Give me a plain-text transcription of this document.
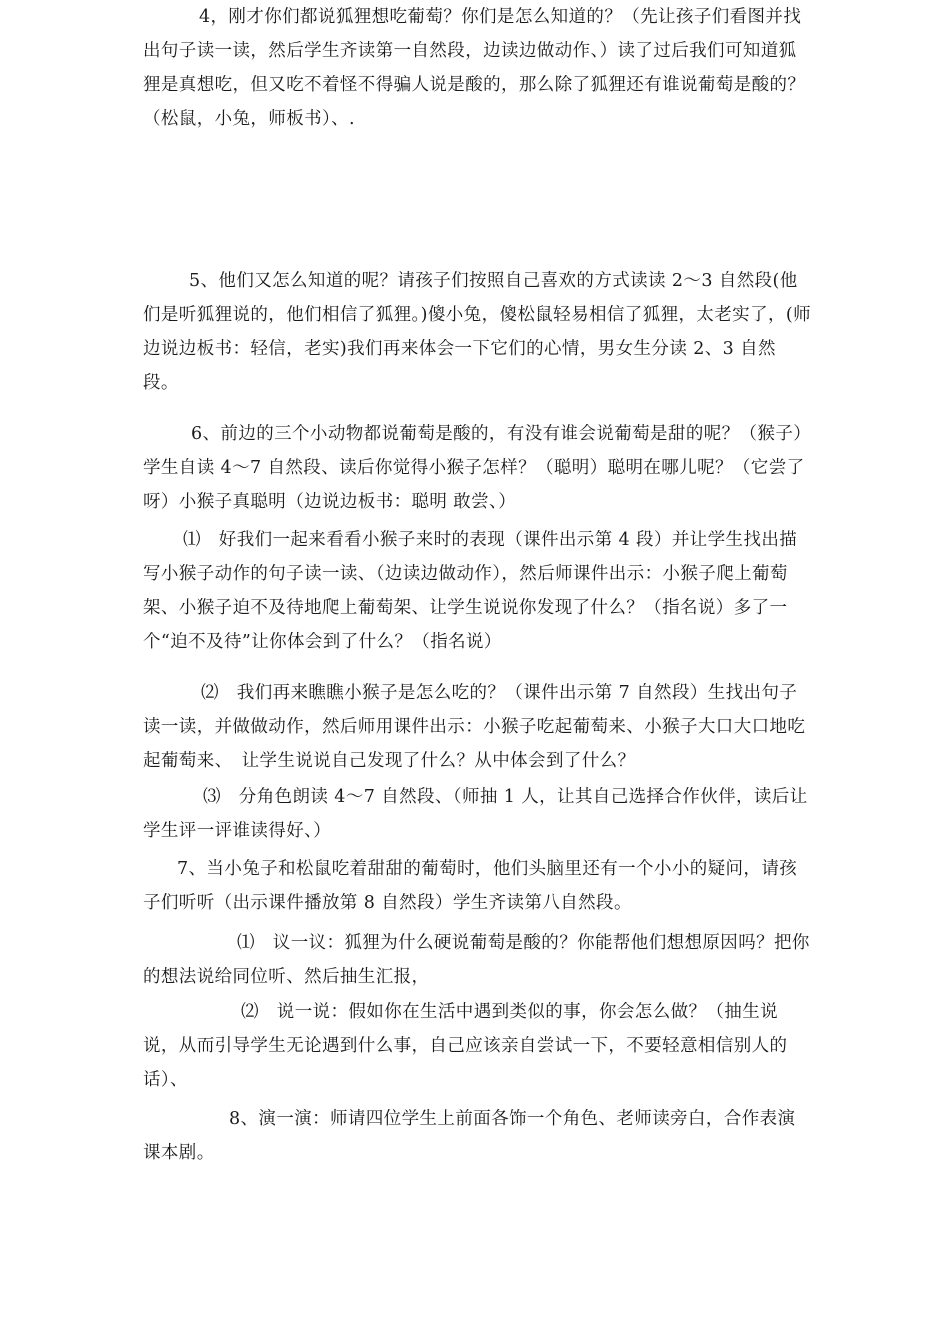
4，刚才你们都说狐狸想吃葡萄？你们是怎么知道的？（先让孩子们看图并找出句子读一读，然后学生齐读第一自然段，边读边做动作、）读了过后我们可知道狐狸是真想吃，但又吃不着怪不得骗人说是酸的，那么除了狐狸还有谁说葡萄是酸的？（松鼠，小兔，师板书）、.

5、他们又怎么知道的呢？请孩子们按照自己喜欢的方式读读 2～3 自然段(他们是听狐狸说的，他们相信了狐狸。)傻小兔，傻松鼠轻易相信了狐狸，太老实了，(师边说边板书：轻信，老实)我们再来体会一下它们的心情，男女生分读 2、3 自然段。
6、前边的三个小动物都说葡萄是酸的，有没有谁会说葡萄是甜的呢？（猴子）学生自读 4～7 自然段、读后你觉得小猴子怎样？（聪明）聪明在哪儿呢？（它尝了呀）小猴子真聪明（边说边板书：聪明 敢尝、）
⑴　好我们一起来看看小猴子来时的表现（课件出示第 4 段）并让学生找出描写小猴子动作的句子读一读、（边读边做动作），然后师课件出示：小猴子爬上葡萄架、小猴子迫不及待地爬上葡萄架、让学生说说你发现了什么？（指名说）多了一个“迫不及待”让你体会到了什么？（指名说）
⑵　我们再来瞧瞧小猴子是怎么吃的？（课件出示第 7 自然段）生找出句子读一读，并做做动作，然后师用课件出示：小猴子吃起葡萄来、小猴子大口大口地吃起葡萄来、　让学生说说自己发现了什么？从中体会到了什么？
⑶　分角色朗读 4～7 自然段、（师抽 1 人，让其自己选择合作伙伴，读后让学生评一评谁读得好、）
7、当小兔子和松鼠吃着甜甜的葡萄时，他们头脑里还有一个小小的疑问，请孩子们听听（出示课件播放第 8 自然段）学生齐读第八自然段。
⑴　议一议：狐狸为什么硬说葡萄是酸的？你能帮他们想想原因吗？把你的想法说给同位听、然后抽生汇报，
⑵　说一说：假如你在生活中遇到类似的事，你会怎么做？（抽生说说，从而引导学生无论遇到什么事，自己应该亲自尝试一下，不要轻意相信别人的话）、
8、演一演：师请四位学生上前面各饰一个角色、老师读旁白，合作表演课本剧。
